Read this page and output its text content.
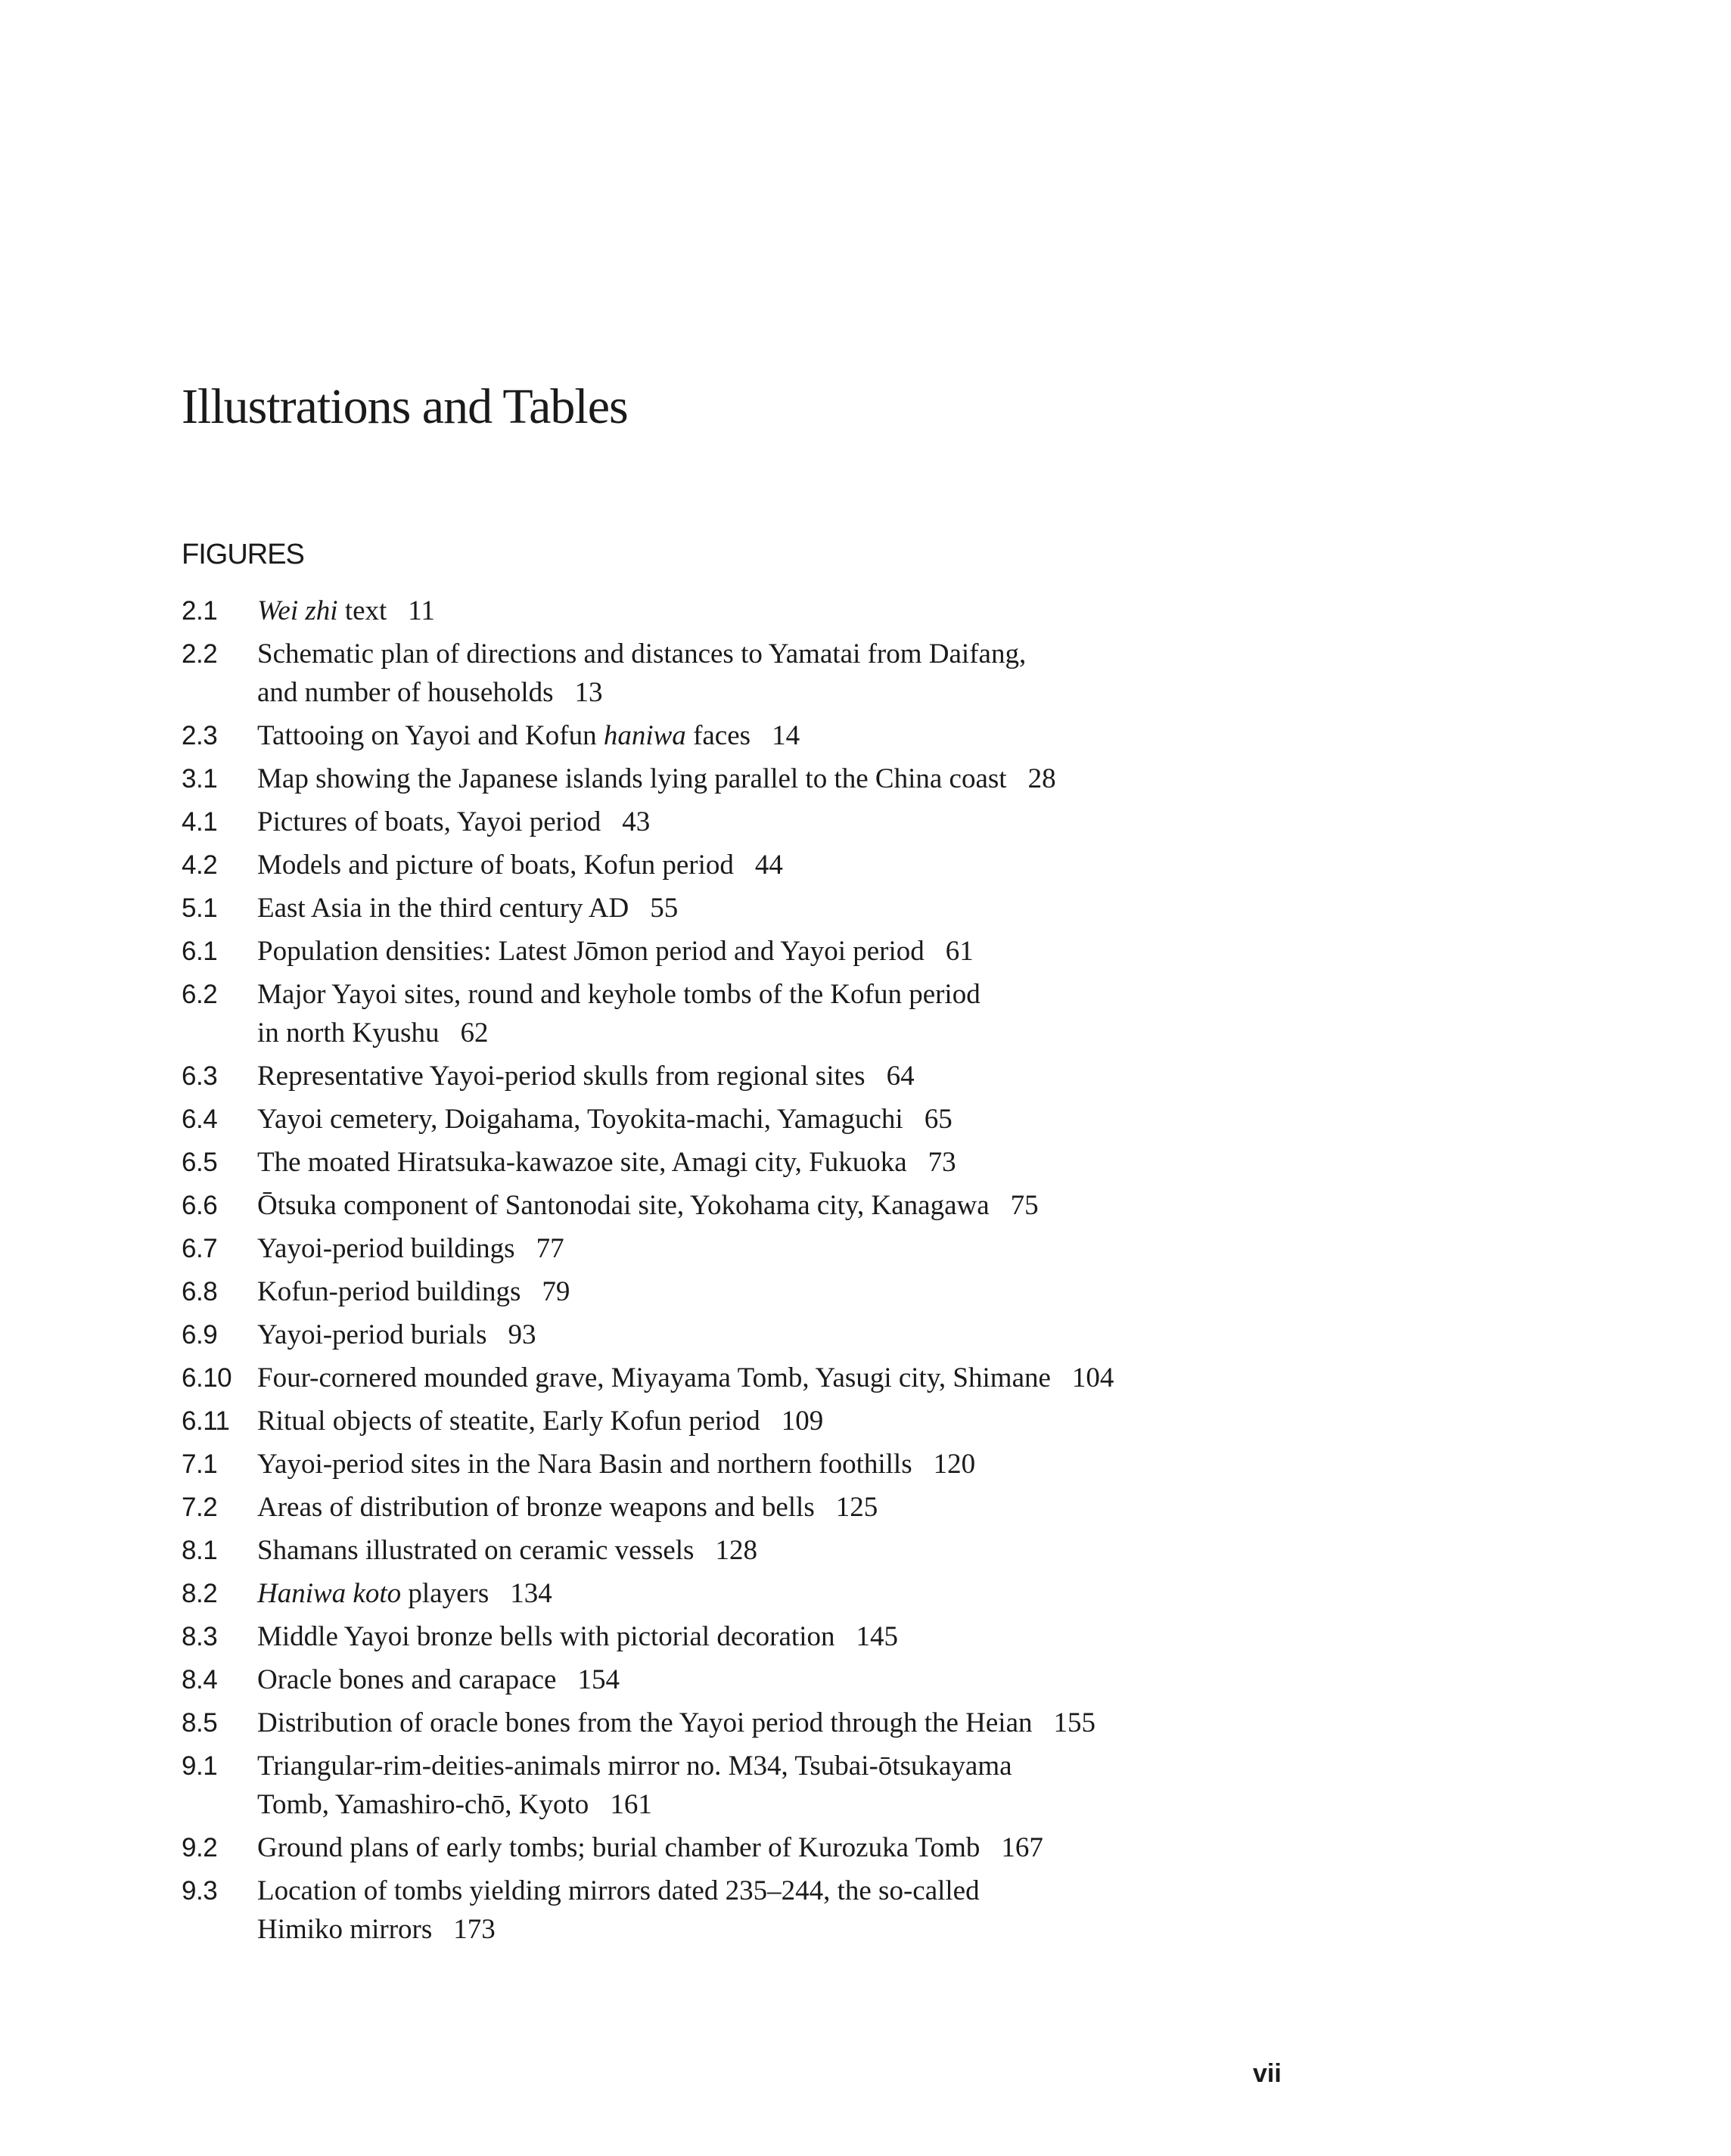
Illustrations and Tables
FIGURES
2.1	Wei zhi text 11
2.2	Schematic plan of directions and distances to Yamatai from Daifang,
and number of households 13
2.3	Tattooing on Yayoi and Kofun haniwa faces 14
3.1	Map showing the Japanese islands lying parallel to the China coast 28
4.1	Pictures of boats, Yayoi period 43
4.2	Models and picture of boats, Kofun period 44
5.1	East Asia in the third century AD 55
6.1	Population densities: Latest Jōmon period and Yayoi period 61
6.2	Major Yayoi sites, round and keyhole tombs of the Kofun period
in north Kyushu 62
6.3	Representative Yayoi-period skulls from regional sites 64
6.4	Yayoi cemetery, Doigahama, Toyokita-machi, Yamaguchi 65
6.5	The moated Hiratsuka-kawazoe site, Amagi city, Fukuoka 73
6.6	Ōtsuka component of Santonodai site, Yokohama city, Kanagawa 75
6.7	Yayoi-period buildings 77
6.8	Kofun-period buildings 79
6.9	Yayoi-period burials 93
6.10 Four-cornered mounded grave, Miyayama Tomb, Yasugi city, Shimane 104
6.11 Ritual objects of steatite, Early Kofun period 109
7.1	Yayoi-period sites in the Nara Basin and northern foothills 120
7.2	Areas of distribution of bronze weapons and bells 125
8.1	Shamans illustrated on ceramic vessels 128
8.2	Haniwa koto players 134
8.3	Middle Yayoi bronze bells with pictorial decoration 145
8.4	Oracle bones and carapace 154
8.5	Distribution of oracle bones from the Yayoi period through the Heian 155
9.1	Triangular-rim-deities-animals mirror no. M34, Tsubai-ōtsukayama
Tomb, Yamashiro-chō, Kyoto 161
9.2	Ground plans of early tombs; burial chamber of Kurozuka Tomb 167
9.3	Location of tombs yielding mirrors dated 235–244, the so-called
Himiko mirrors 173
vii
